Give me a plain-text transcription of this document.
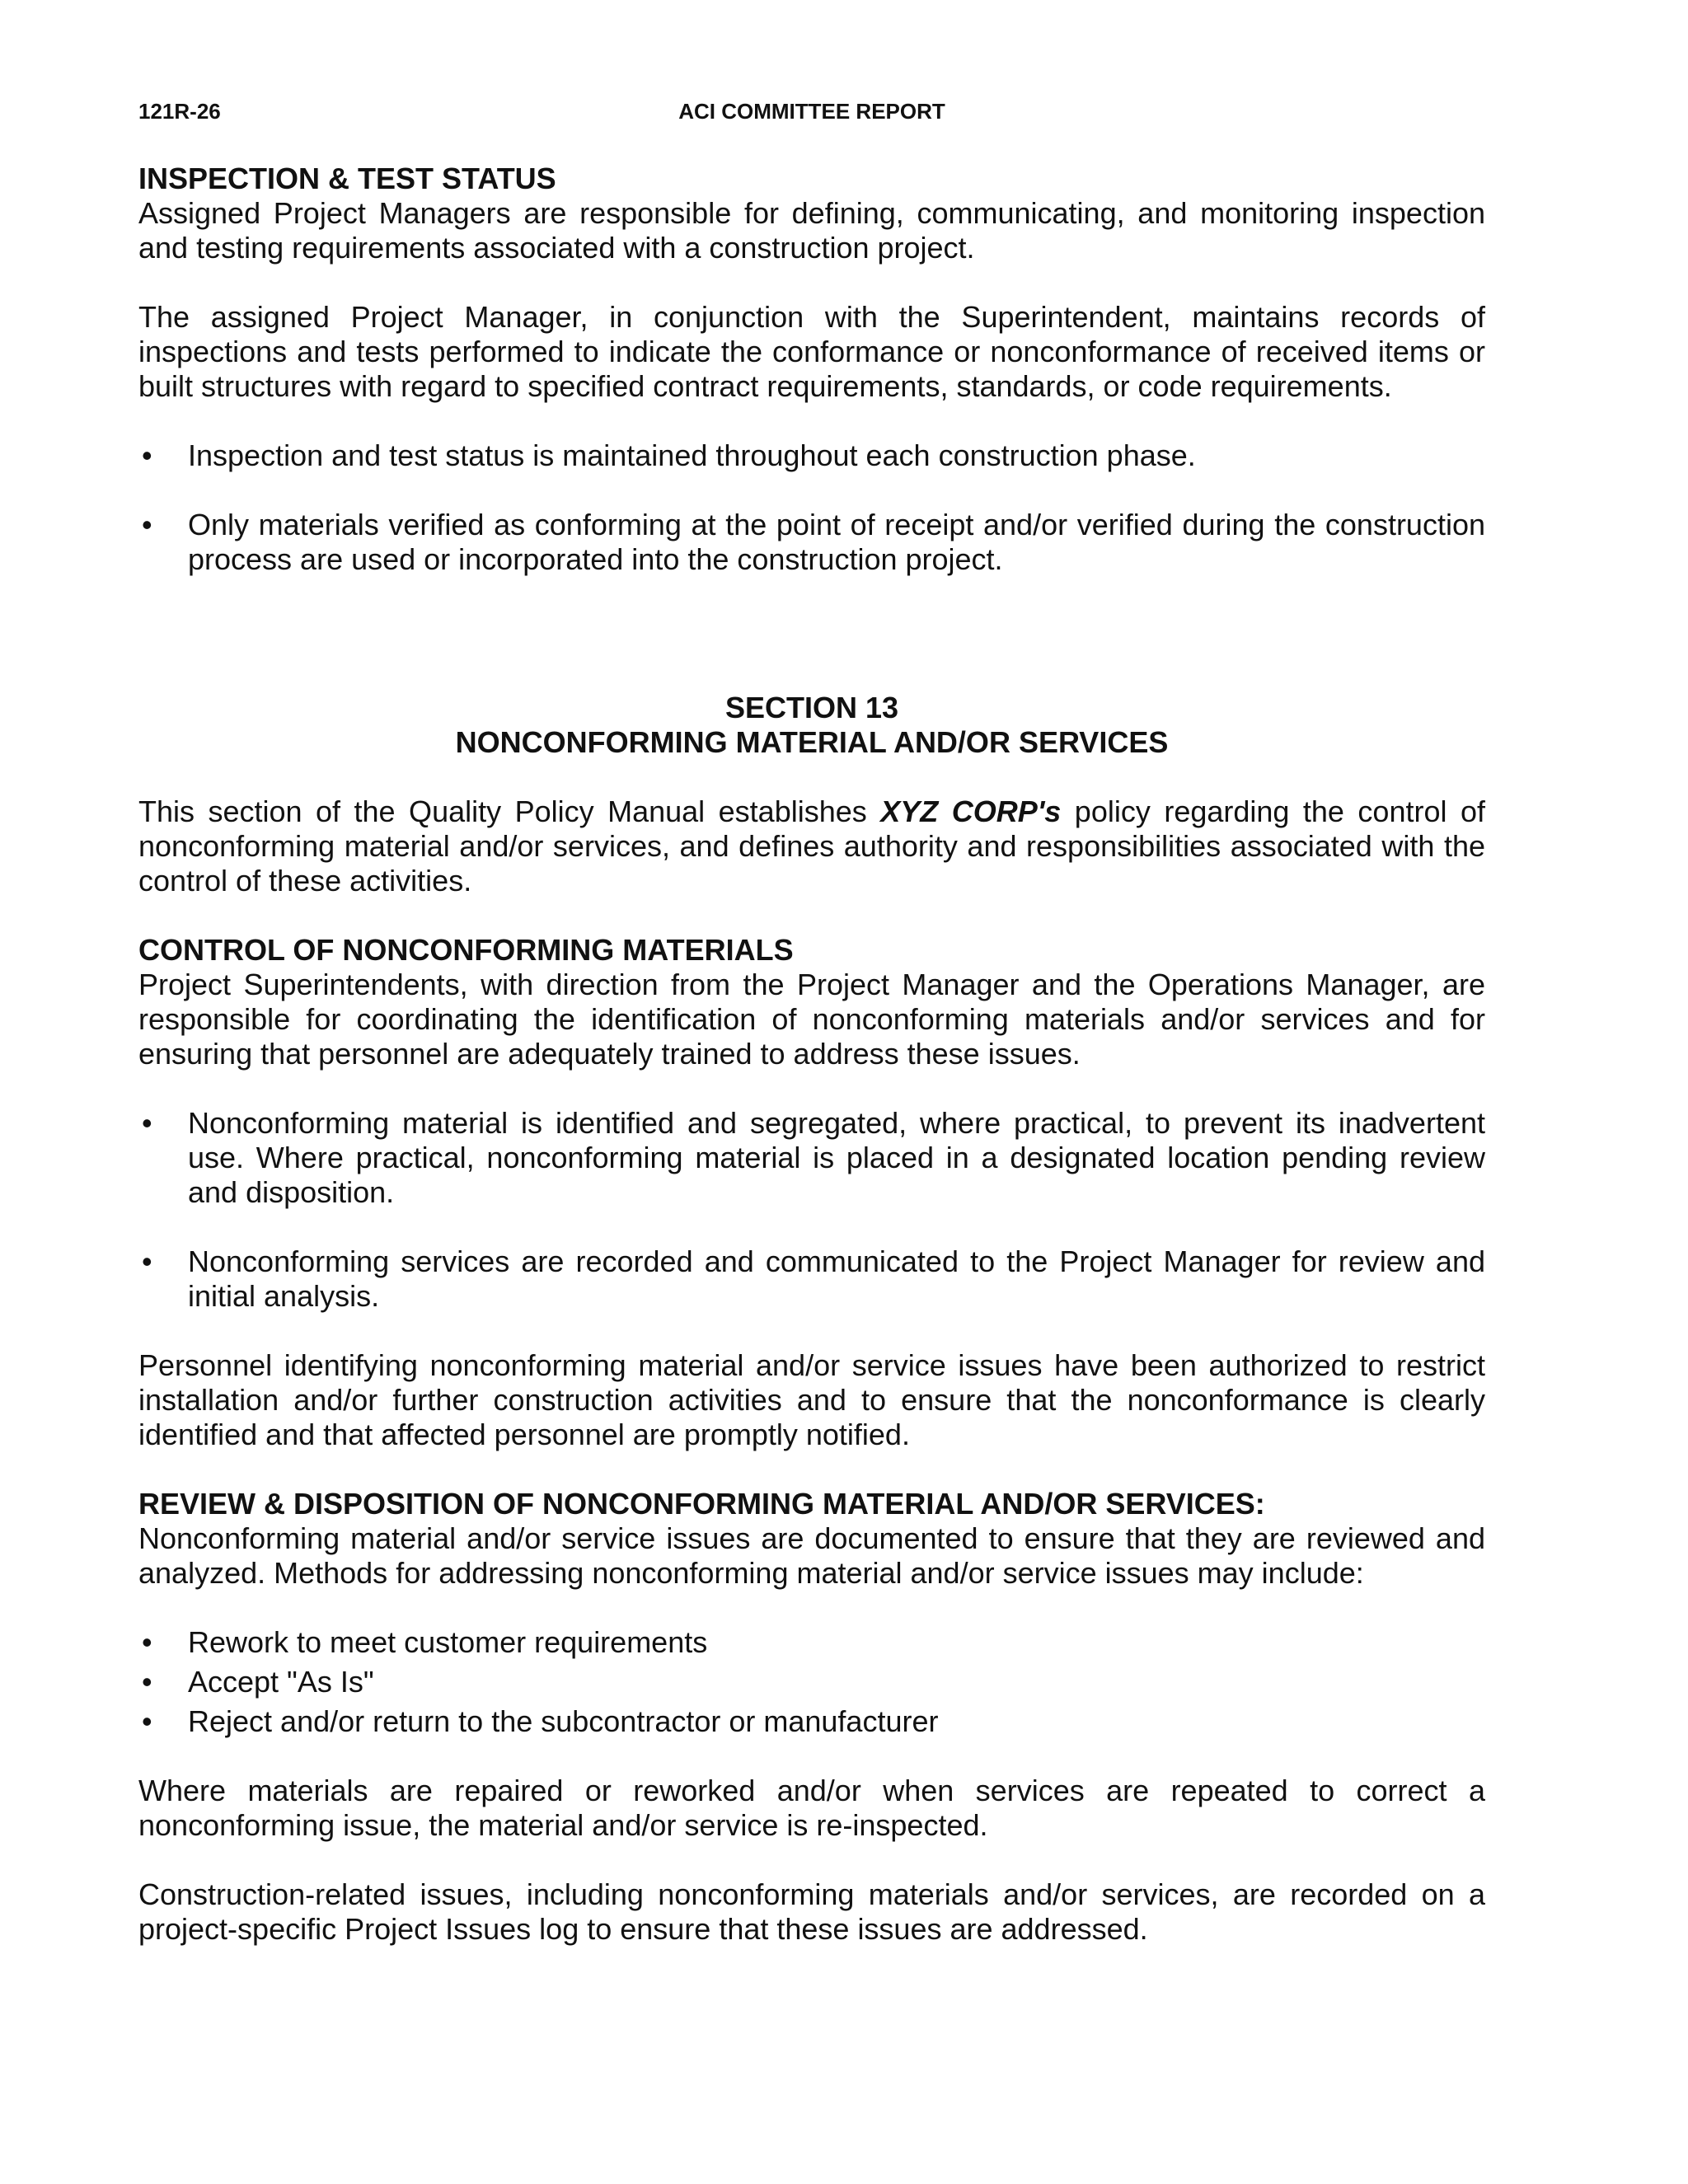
121R-26	ACI COMMITTEE REPORT
INSPECTION & TEST STATUS

Assigned Project Managers are responsible for defining, communicating, and monitoring inspection and testing requirements associated with a construction project.

The assigned Project Manager, in conjunction with the Superintendent, maintains records of inspections and tests performed to indicate the conformance or nonconformance of received items or built structures with regard to specified contract requirements, standards, or code requirements.

• Inspection and test status is maintained throughout each construction phase.
• Only materials verified as conforming at the point of receipt and/or verified during the construction process are used or incorporated into the construction project.
SECTION 13
NONCONFORMING MATERIAL AND/OR SERVICES

This section of the Quality Policy Manual establishes XYZ CORP's policy regarding the control of nonconforming material and/or services, and defines authority and responsibilities associated with the control of these activities.

CONTROL OF NONCONFORMING MATERIALS

Project Superintendents, with direction from the Project Manager and the Operations Manager, are responsible for coordinating the identification of nonconforming materials and/or services and for ensuring that personnel are adequately trained to address these issues.

• Nonconforming material is identified and segregated, where practical, to prevent its inadvertent use. Where practical, nonconforming material is placed in a designated location pending review and disposition.
• Nonconforming services are recorded and communicated to the Project Manager for review and initial analysis.

Personnel identifying nonconforming material and/or service issues have been authorized to restrict installation and/or further construction activities and to ensure that the nonconformance is clearly identified and that affected personnel are promptly notified.

REVIEW & DISPOSITION OF NONCONFORMING MATERIAL AND/OR SERVICES:

Nonconforming material and/or service issues are documented to ensure that they are reviewed and analyzed. Methods for addressing nonconforming material and/or service issues may include:

• Rework to meet customer requirements
• Accept "As Is"
• Reject and/or return to the subcontractor or manufacturer

Where materials are repaired or reworked and/or when services are repeated to correct a nonconforming issue, the material and/or service is re-inspected.

Construction-related issues, including nonconforming materials and/or services, are recorded on a project-specific Project Issues log to ensure that these issues are addressed.
